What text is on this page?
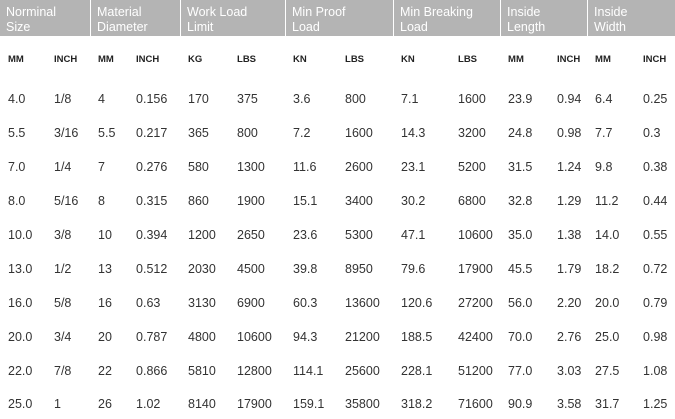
Norminal
Size		Material
Diameter		Work Load
Limit		Min Proof
Load		Min Breaking
Load		Inside
Length		Inside
Width	
MM	INCH	MM	INCH	KG	LBS	KN	LBS	KN	LBS	MM	INCH	MM	INCH
4.0	1/8	4	0.156	170	375	3.6	800	7.1	1600	23.9	0.94	6.4	0.25
5.5	3/16	5.5	0.217	365	800	7.2	1600	14.3	3200	24.8	0.98	7.7	0.3
7.0	1/4	7	0.276	580	1300	11.6	2600	23.1	5200	31.5	1.24	9.8	0.38
8.0	5/16	8	0.315	860	1900	15.1	3400	30.2	6800	32.8	1.29	11.2	0.44
10.0	3/8	10	0.394	1200	2650	23.6	5300	47.1	10600	35.0	1.38	14.0	0.55
13.0	1/2	13	0.512	2030	4500	39.8	8950	79.6	17900	45.5	1.79	18.2	0.72
16.0	5/8	16	0.63	3130	6900	60.3	13600	120.6	27200	56.0	2.20	20.0	0.79
20.0	3/4	20	0.787	4800	10600	94.3	21200	188.5	42400	70.0	2.76	25.0	0.98
22.0	7/8	22	0.866	5810	12800	114.1	25600	228.1	51200	77.0	3.03	27.5	1.08
25.0	1	26	1.02	8140	17900	159.1	35800	318.2	71600	90.9	3.58	31.7	1.25
